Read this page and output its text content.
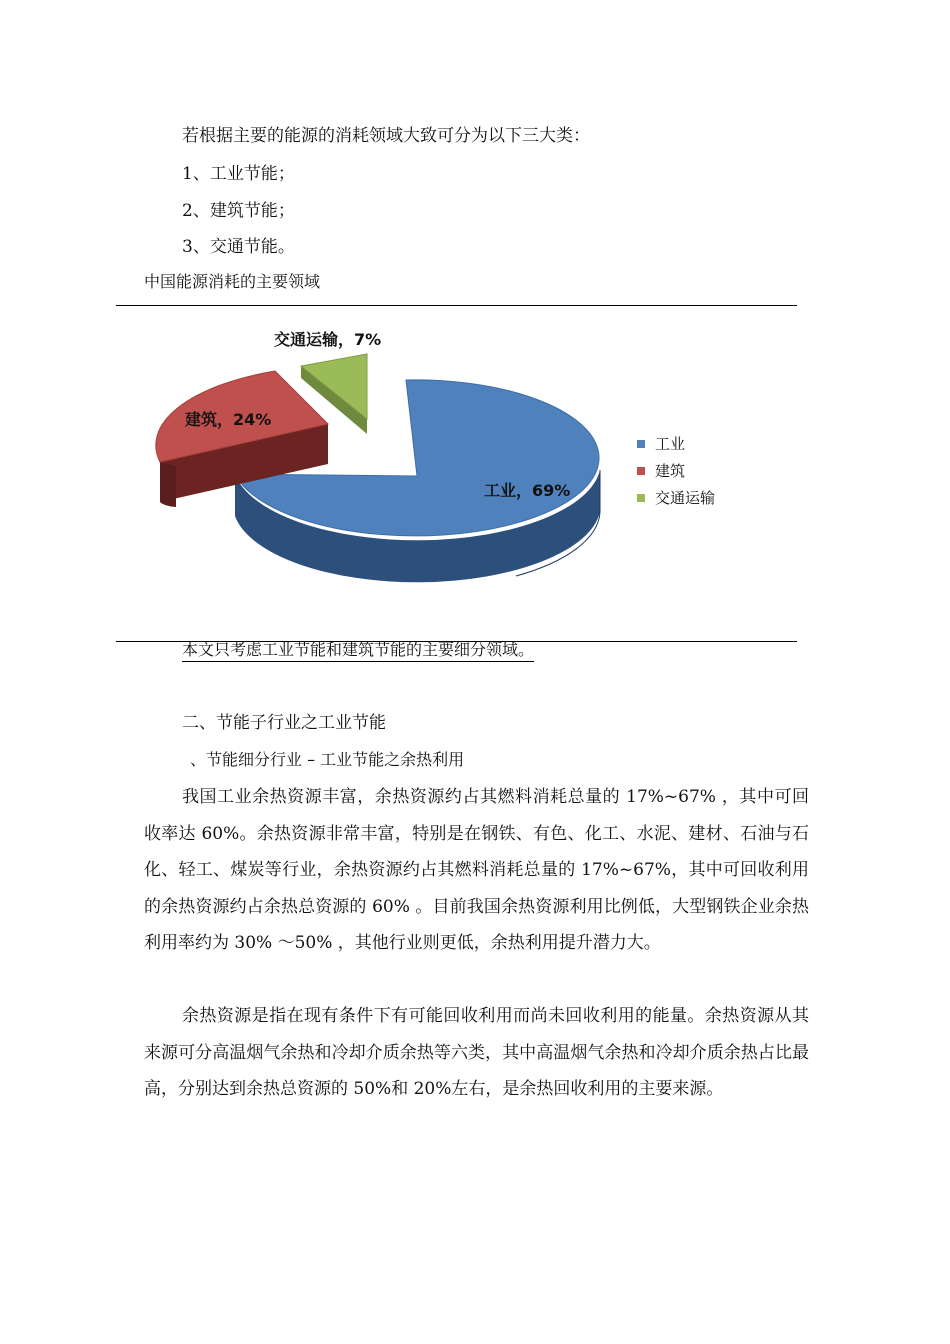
若根据主要的能源的消耗领域大致可分为以下三大类：
1、工业节能；
2、建筑节能；
3、交通节能。
中国能源消耗的主要领域
交通运输，7%
建筑，24%
工业，69%
工业
建筑
交通运输
本文只考虑工业节能和建筑节能的主要细分领域。
二、节能子行业之工业节能
、节能细分行业 – 工业节能之余热利用
我国工业余热资源丰富，余热资源约占其燃料消耗总量的 17%~67% ，其中可回收率达 60%。余热资源非常丰富，特别是在钢铁、有色、化工、水泥、建材、石油与石化、轻工、煤炭等行业，余热资源约占其燃料消耗总量的 17%~67%，其中可回收利用的余热资源约占余热总资源的 60% 。目前我国余热资源利用比例低，大型钢铁企业余热利用率约为 30% ～50% ，其他行业则更低，余热利用提升潜力大。
余热资源是指在现有条件下有可能回收利用而尚未回收利用的能量。余热资源从其来源可分高温烟气余热和冷却介质余热等六类，其中高温烟气余热和冷却介质余热占比最高，分别达到余热总资源的 50%和 20%左右，是余热回收利用的主要来源。
